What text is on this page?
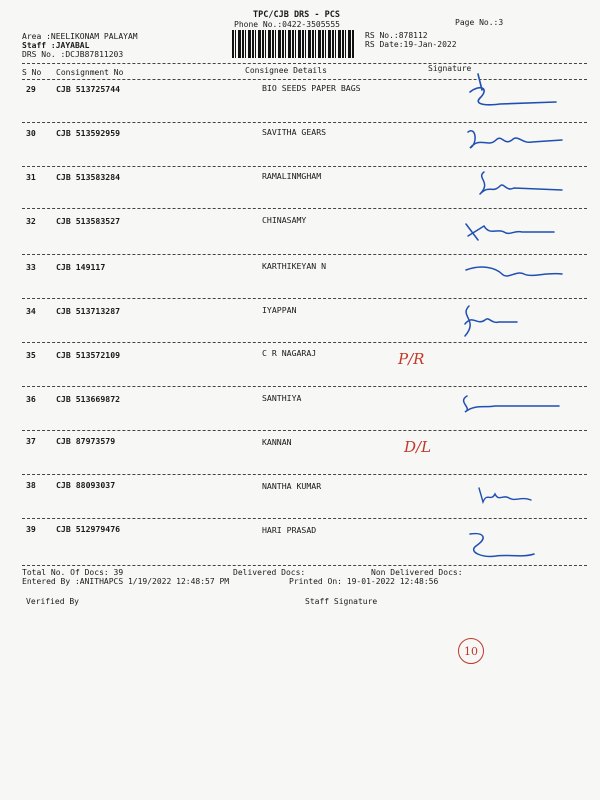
TPC/CJB DRS - PCS
Phone No.:0422-3505555	Page No.:3
Area :NEELIKONAM PALAYAM
Staff :JAYABAL
DRS No. :DCJB87811203
RS No.:878112
RS Date:19-Jan-2022
S No Consignment No	Consignee Details	Signature
29 CJB 513725744	BIO SEEDS PAPER BAGS
30 CJB 513592959	SAVITHA GEARS
31 CJB 513583284	RAMALINMGHAM
32 CJB 513583527	CHINASAMY
33 CJB 149117	KARTHIKEYAN N
34 CJB 513713287	IYAPPAN
35 CJB 513572109	C R NAGARAJ
36 CJB 513669872	SANTHIYA
37 CJB 87973579	KANNAN
38 CJB 88093037	NANTHA KUMAR
39 CJB 512979476	HARI PRASAD
P/R
D/L
Total No. Of Docs: 39	Delivered Docs:	Non Delivered Docs:
Entered By :ANITHAPCS 1/19/2022 12:48:57 PM	Printed On: 19-01-2022 12:48:56
Verified By	Staff Signature
10
